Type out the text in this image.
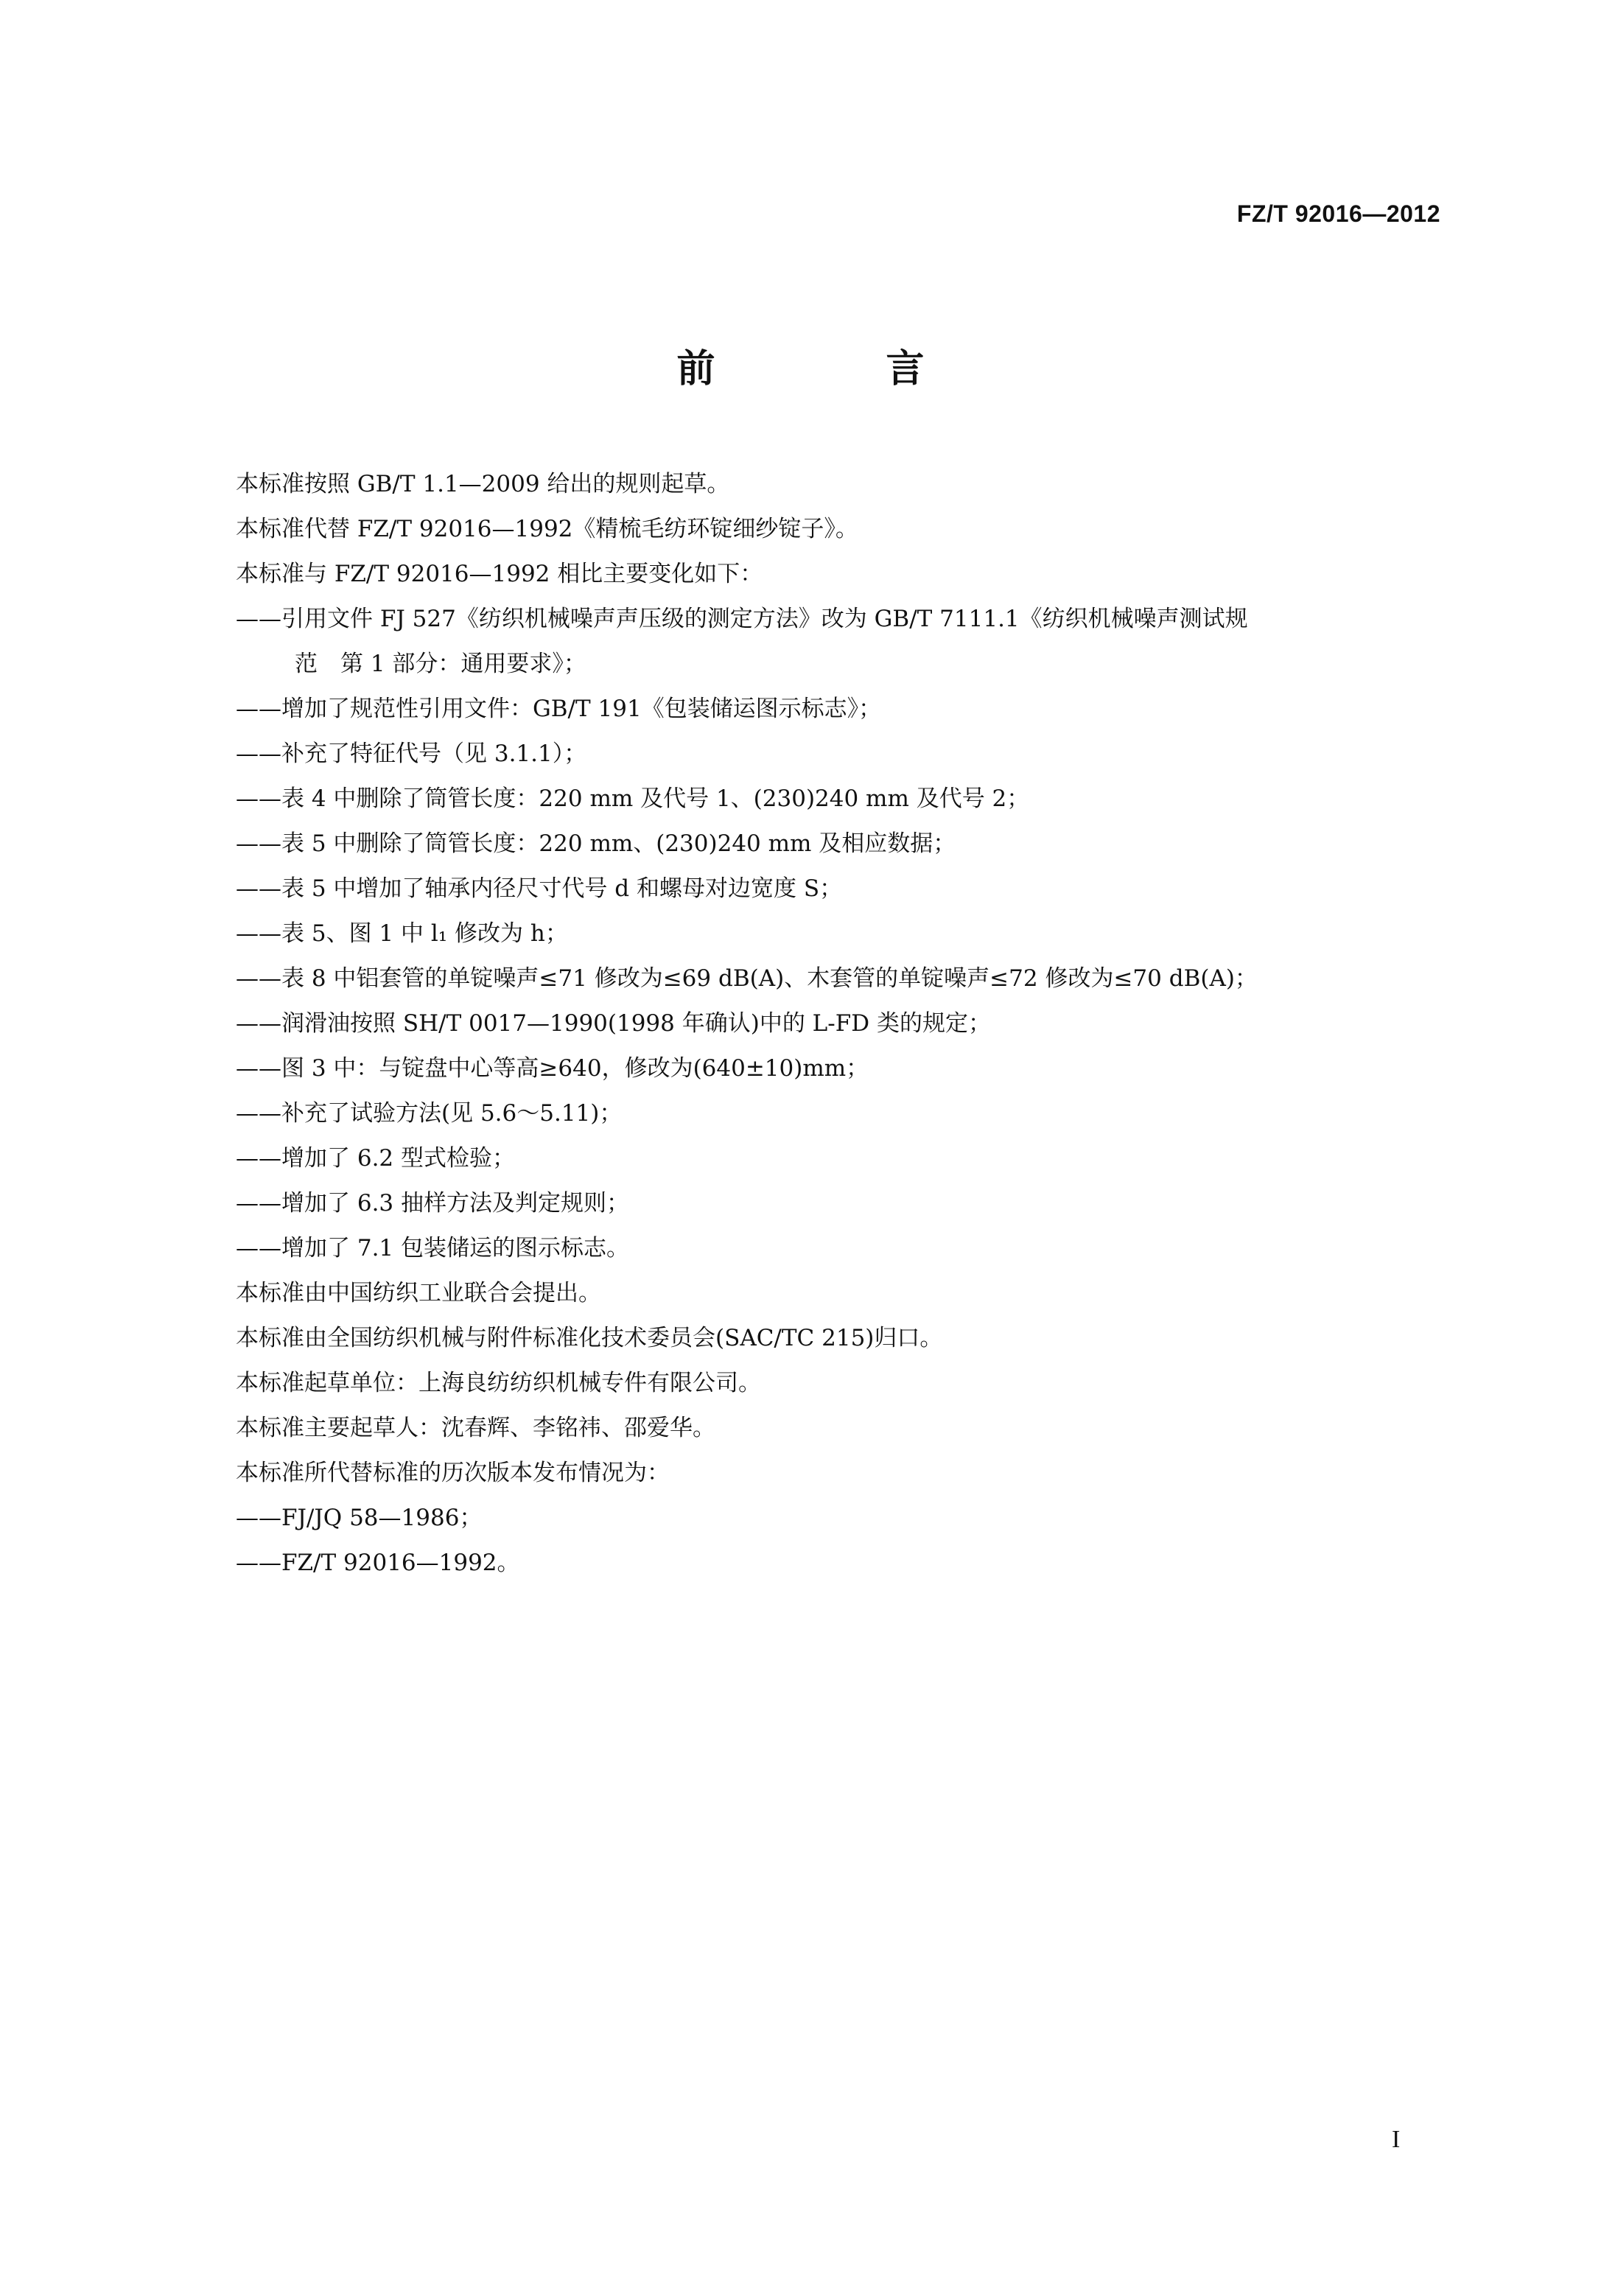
FZ/T 92016—2012
前　言
本标准按照 GB/T 1.1—2009 给出的规则起草。
本标准代替 FZ/T 92016—1992《精梳毛纺环锭细纱锭子》。
本标准与 FZ/T 92016—1992 相比主要变化如下：
——引用文件 FJ 527《纺织机械噪声声压级的测定方法》改为 GB/T 7111.1《纺织机械噪声测试规
范　第 1 部分：通用要求》；
——增加了规范性引用文件：GB/T 191《包装储运图示标志》；
——补充了特征代号（见 3.1.1）；
——表 4 中删除了筒管长度：220 mm 及代号 1、(230)240 mm 及代号 2；
——表 5 中删除了筒管长度：220 mm、(230)240 mm 及相应数据；
——表 5 中增加了轴承内径尺寸代号 d 和螺母对边宽度 S；
——表 5、图 1 中 l₁ 修改为 h；
——表 8 中铝套管的单锭噪声≤71 修改为≤69 dB(A)、木套管的单锭噪声≤72 修改为≤70 dB(A)；
——润滑油按照 SH/T 0017—1990(1998 年确认)中的 L-FD 类的规定；
——图 3 中：与锭盘中心等高≥640，修改为(640±10)mm；
——补充了试验方法(见 5.6～5.11)；
——增加了 6.2 型式检验；
——增加了 6.3 抽样方法及判定规则；
——增加了 7.1 包装储运的图示标志。
本标准由中国纺织工业联合会提出。
本标准由全国纺织机械与附件标准化技术委员会(SAC/TC 215)归口。
本标准起草单位：上海良纺纺织机械专件有限公司。
本标准主要起草人：沈春辉、李铭祎、邵爱华。
本标准所代替标准的历次版本发布情况为：
——FJ/JQ 58—1986；
——FZ/T 92016—1992。
I
